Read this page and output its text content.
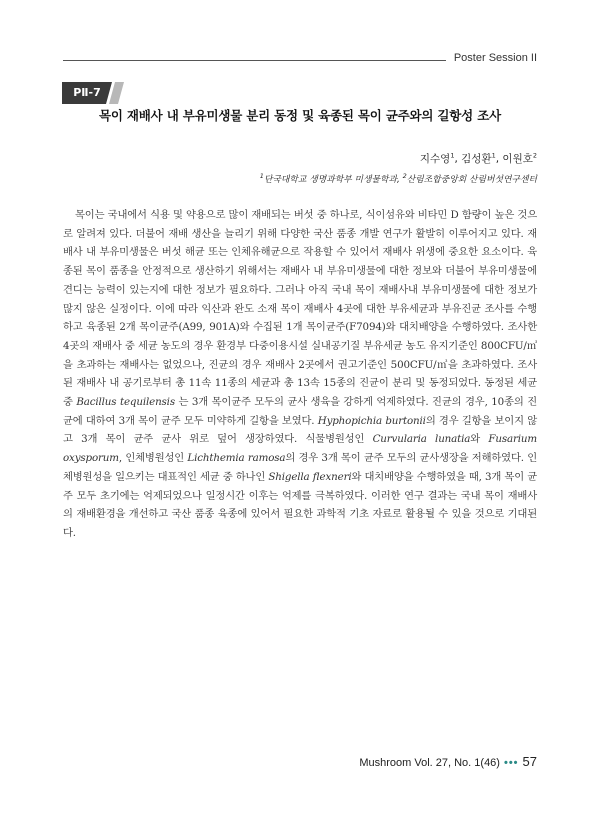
Poster Session II
PⅡ-7
목이 재배사 내 부유미생물 분리 동정 및 육종된 목이 균주와의 길항성 조사
지수영$^1$, 김성환$^1$, 이원호$^2$
$^1$단국대학교 생명과학부 미생물학과, $^2$산림조합중앙회 산림버섯연구센터

목이는 국내에서 식용 및 약용으로 많이 재배되는 버섯 중 하나로, 식이섬유와 비타민 D 함량이 높은 것으로 알려져 있다. 더불어 재배 생산을 늘리기 위해 다양한 국산 품종 개발 연구가 활발히 이루어지고 있다. 재배사 내 부유미생물은 버섯 해균 또는 인체유해균으로 작용할 수 있어서 재배사 위생에 중요한 요소이다. 육종된 목이 품종을 안정적으로 생산하기 위해서는 재배사 내 부유미생물에 대한 정보와 더불어 부유미생물에 견디는 능력이 있는지에 대한 정보가 필요하다. 그러나 아직 국내 목이 재배사내 부유미생물에 대한 정보가 많지 않은 실정이다. 이에 따라 익산과 완도 소재 목이 재배사 4곳에 대한 부유세균과 부유진균 조사를 수행하고 육종된 2개 목이균주(A99, 901A)와 수집된 1개 목이균주(F7094)와 대치배양을 수행하였다. 조사한 4곳의 재배사 중 세균 농도의 경우 환경부 다중이용시설 실내공기질 부유세균 농도 유지기준인 800CFU/㎥을 초과하는 재배사는 없었으나, 진균의 경우 재배사 2곳에서 권고기준인 500CFU/㎥을 초과하였다. 조사된 재배사 내 공기로부터 총 11속 11종의 세균과 총 13속 15종의 진균이 분리 및 동정되었다. 동정된 세균 중 Bacillus tequilensis 는 3개 목이균주 모두의 균사 생육을 강하게 억제하였다. 진균의 경우, 10종의 진균에 대하여 3개 목이 균주 모두 미약하게 길항을 보였다. Hyphopichia burtonii의 경우 길항을 보이지 않고 3개 목이 균주 균사 위로 덮어 생장하였다. 식물병원성인 Curvularia lunatia와 Fusarium oxysporum, 인체병원성인 Lichthemia ramosa의 경우 3개 목이 균주 모두의 균사생장을 저해하였다. 인체병원성을 일으키는 대표적인 세균 중 하나인 Shigella flexneri와 대치배양을 수행하였을 때, 3개 목이 균주 모두 초기에는 억제되었으나 일정시간 이후는 억제를 극복하였다. 이러한 연구 결과는 국내 목이 재배사의 재배환경을 개선하고 국산 품종 육종에 있어서 필요한 과학적 기초 자료로 활용될 수 있을 것으로 기대된다.

Mushroom Vol. 27, No. 1(46) ••• 57
